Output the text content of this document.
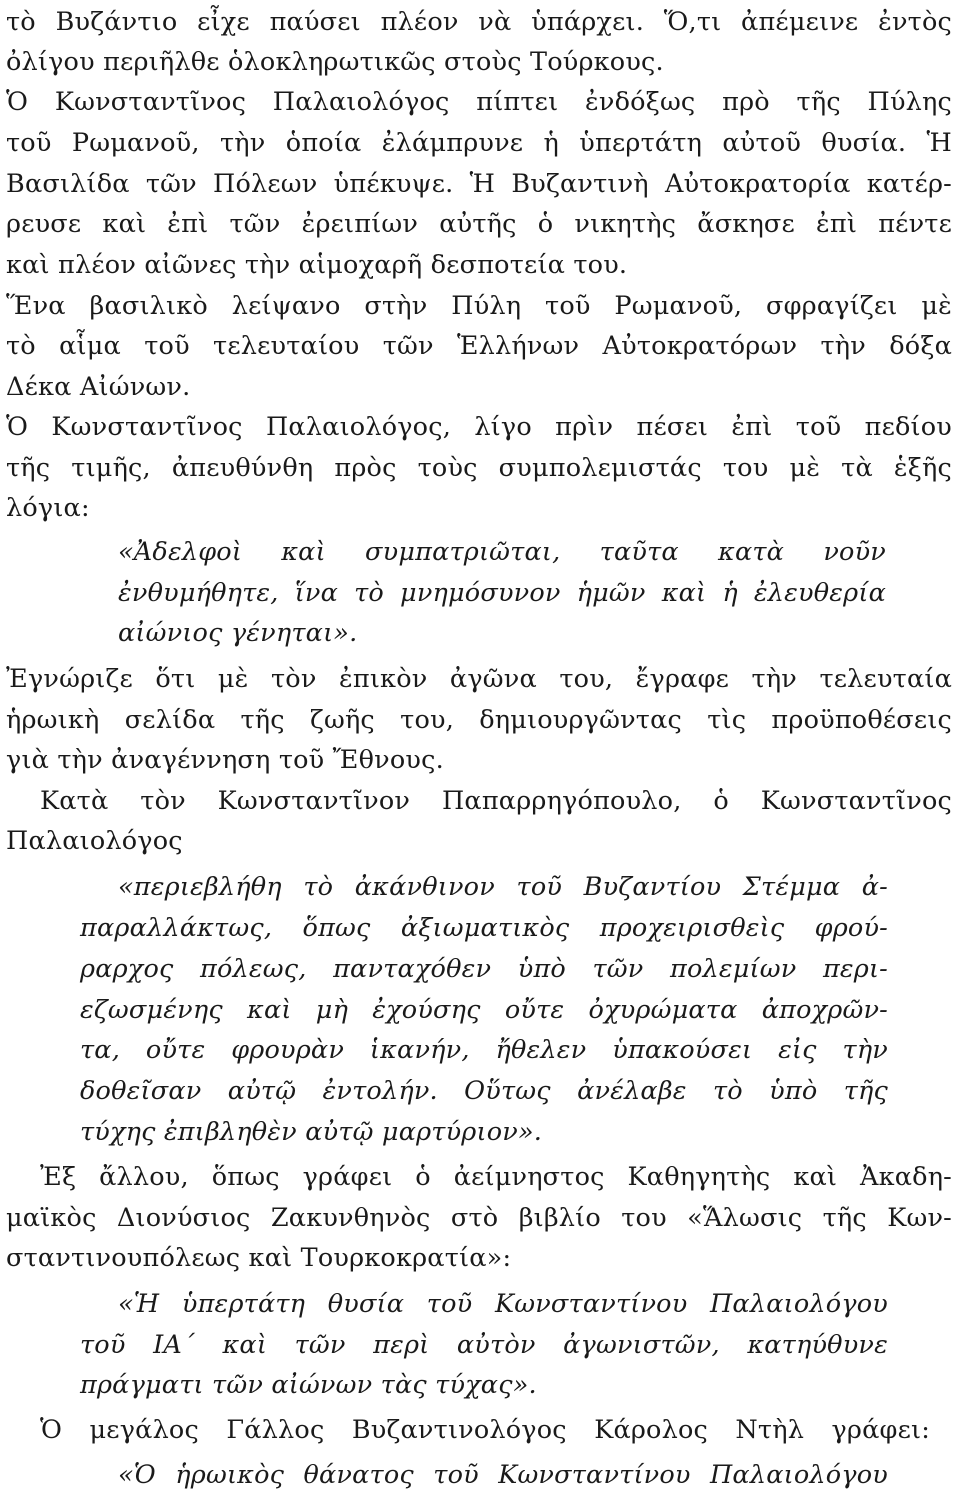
τὸ Βυζάντιο εἶχε παύσει πλέον νὰ ὑπάρχει. Ὅ,τι ἀπέμεινε ἐντὸς
ὀλίγου περιῆλθε ὁλοκληρωτικῶς στοὺς Τούρκους.
Ὁ Κωνσταντῖνος Παλαιολόγος πίπτει ἐνδόξως πρὸ τῆς Πύλης
τοῦ Ρωμανοῦ, τὴν ὁποία ἐλάμπρυνε ἡ ὑπερτάτη αὐτοῦ θυσία. Ἡ
Βασιλίδα τῶν Πόλεων ὑπέκυψε. Ἡ Βυζαντινὴ Αὐτοκρατορία κατέρ-
ρευσε καὶ ἐπὶ τῶν ἐρειπίων αὐτῆς ὁ νικητὴς ἄσκησε ἐπὶ πέντε
καὶ πλέον αἰῶνες τὴν αἱμοχαρῆ δεσποτεία του.
Ἕνα βασιλικὸ λείψανο στὴν Πύλη τοῦ Ρωμανοῦ, σφραγίζει μὲ
τὸ αἷμα τοῦ τελευταίου τῶν Ἑλλήνων Αὐτοκρατόρων τὴν δόξα
Δέκα Αἰώνων.
Ὁ Κωνσταντῖνος Παλαιολόγος, λίγο πρὶν πέσει ἐπὶ τοῦ πεδίου
τῆς τιμῆς, ἀπευθύνθη πρὸς τοὺς συμπολεμιστάς του μὲ τὰ ἑξῆς
λόγια:
«Ἀδελφοὶ καὶ συμπατριῶται, ταῦτα κατὰ νοῦν
ἐνθυμήθητε, ἵνα τὸ μνημόσυνον ἡμῶν καὶ ἡ ἐλευθερία
αἰώνιος γένηται».
Ἐγνώριζε ὅτι μὲ τὸν ἐπικὸν ἀγῶνα του, ἔγραφε τὴν τελευταία
ἡρωικὴ σελίδα τῆς ζωῆς του, δημιουργῶντας τὶς προϋποθέσεις
γιὰ τὴν ἀναγέννηση τοῦ Ἔθνους.
Κατὰ τὸν Κωνσταντῖνον Παπαρρηγόπουλο, ὁ Κωνσταντῖνος
Παλαιολόγος
«περιεβλήθη τὸ ἀκάνθινον τοῦ Βυζαντίου Στέμμα ἀ-
παραλλάκτως, ὅπως ἀξιωματικὸς προχειρισθεὶς φρού-
ραρχος πόλεως, πανταχόθεν ὑπὸ τῶν πολεμίων περι-
εζωσμένης καὶ μὴ ἐχούσης οὔτε ὀχυρώματα ἀποχρῶν-
τα, οὔτε φρουρὰν ἱκανήν, ἤθελεν ὑπακούσει εἰς τὴν
δοθεῖσαν αὐτῷ ἐντολήν. Οὕτως ἀνέλαβε τὸ ὑπὸ τῆς
τύχης ἐπιβληθὲν αὐτῷ μαρτύριον».
Ἐξ ἄλλου, ὅπως γράφει ὁ ἀείμνηστος Καθηγητὴς καὶ Ἀκαδη-
μαϊκὸς Διονύσιος Ζακυνθηνὸς στὸ βιβλίο του «Ἅλωσις τῆς Κων-
σταντινουπόλεως καὶ Τουρκοκρατία»:
«Ἡ ὑπερτάτη θυσία τοῦ Κωνσταντίνου Παλαιολόγου
τοῦ ΙΑ΄ καὶ τῶν περὶ αὐτὸν ἀγωνιστῶν, κατηύθυνε
πράγματι τῶν αἰώνων τὰς τύχας».
Ὁ μεγάλος Γάλλος Βυζαντινολόγος Κάρολος Ντὴλ γράφει:
«Ὁ ἡρωικὸς θάνατος τοῦ Κωνσταντίνου Παλαιολόγου
